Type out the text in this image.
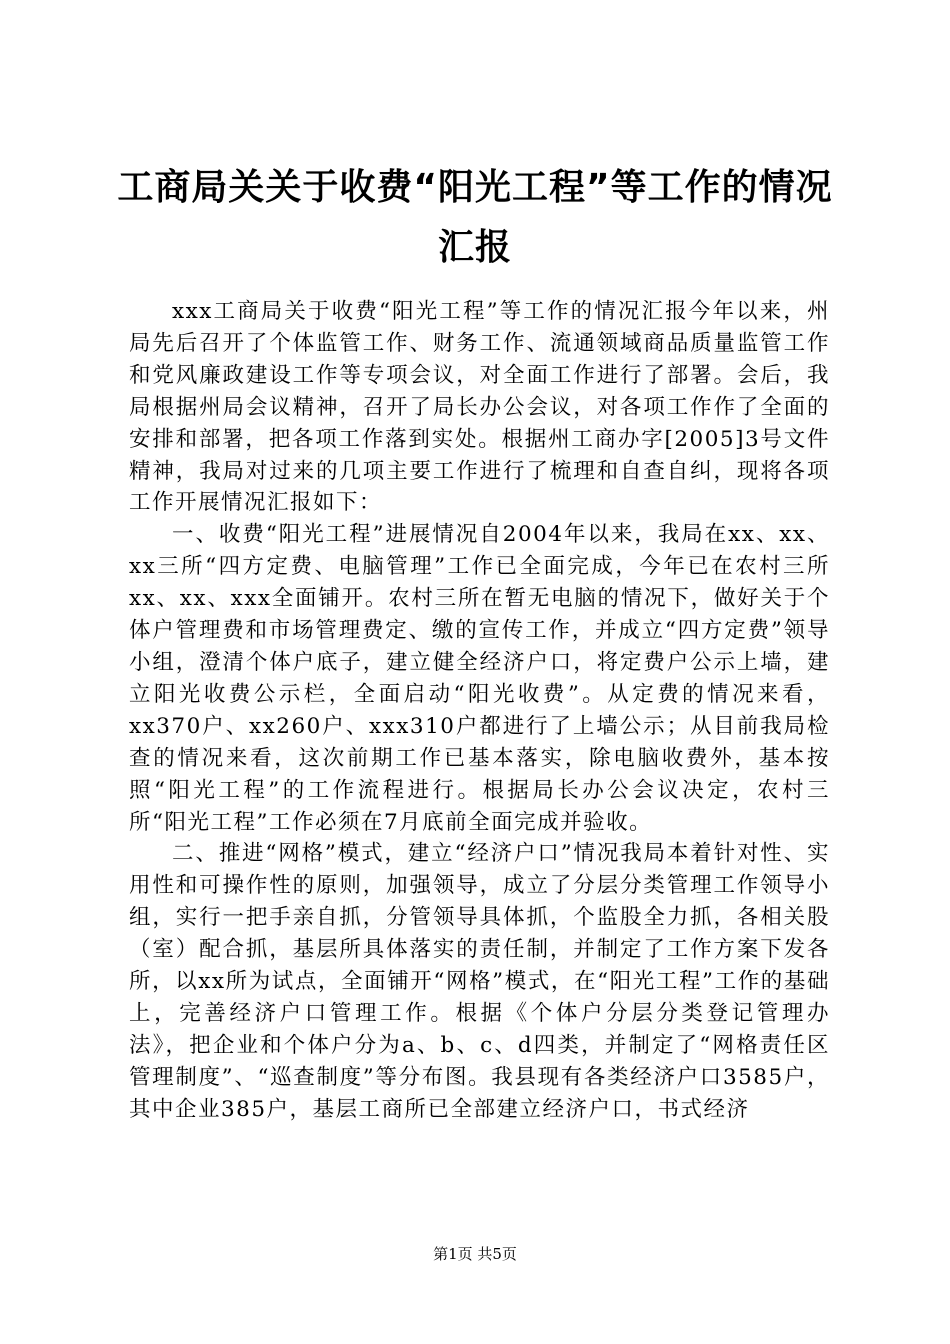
工商局关关于收费“阳光工程”等工作的情况汇报

xxx工商局关于收费“阳光工程”等工作的情况汇报今年以来，州局先后召开了个体监管工作、财务工作、流通领域商品质量监管工作和党风廉政建设工作等专项会议，对全面工作进行了部署。会后，我局根据州局会议精神，召开了局长办公会议，对各项工作作了全面的安排和部署，把各项工作落到实处。根据州工商办字[2005]3号文件精神，我局对过来的几项主要工作进行了梳理和自查自纠，现将各项工作开展情况汇报如下：

一、收费“阳光工程”进展情况自2004年以来，我局在xx、xx、xx三所“四方定费、电脑管理”工作已全面完成，今年已在农村三所xx、xx、xxx全面铺开。农村三所在暂无电脑的情况下，做好关于个体户管理费和市场管理费定、缴的宣传工作，并成立“四方定费”领导小组，澄清个体户底子，建立健全经济户口，将定费户公示上墙，建立阳光收费公示栏，全面启动“阳光收费”。从定费的情况来看，xx370户、xx260户、xxx310户都进行了上墙公示；从目前我局检查的情况来看，这次前期工作已基本落实，除电脑收费外，基本按照“阳光工程”的工作流程进行。根据局长办公会议决定，农村三所“阳光工程”工作必须在7月底前全面完成并验收。

二、推进“网格”模式，建立“经济户口”情况我局本着针对性、实用性和可操作性的原则，加强领导，成立了分层分类管理工作领导小组，实行一把手亲自抓，分管领导具体抓，个监股全力抓，各相关股（室）配合抓，基层所具体落实的责任制，并制定了工作方案下发各所，以xx所为试点，全面铺开“网格”模式，在“阳光工程”工作的基础上，完善经济户口管理工作。根据《个体户分层分类登记管理办法》，把企业和个体户分为a、b、c、d四类，并制定了“网格责任区管理制度”、“巡查制度”等分布图。我县现有各类经济户口3585户，其中企业385户，基层工商所已全部建立经济户口，书式经济

第1页 共5页
